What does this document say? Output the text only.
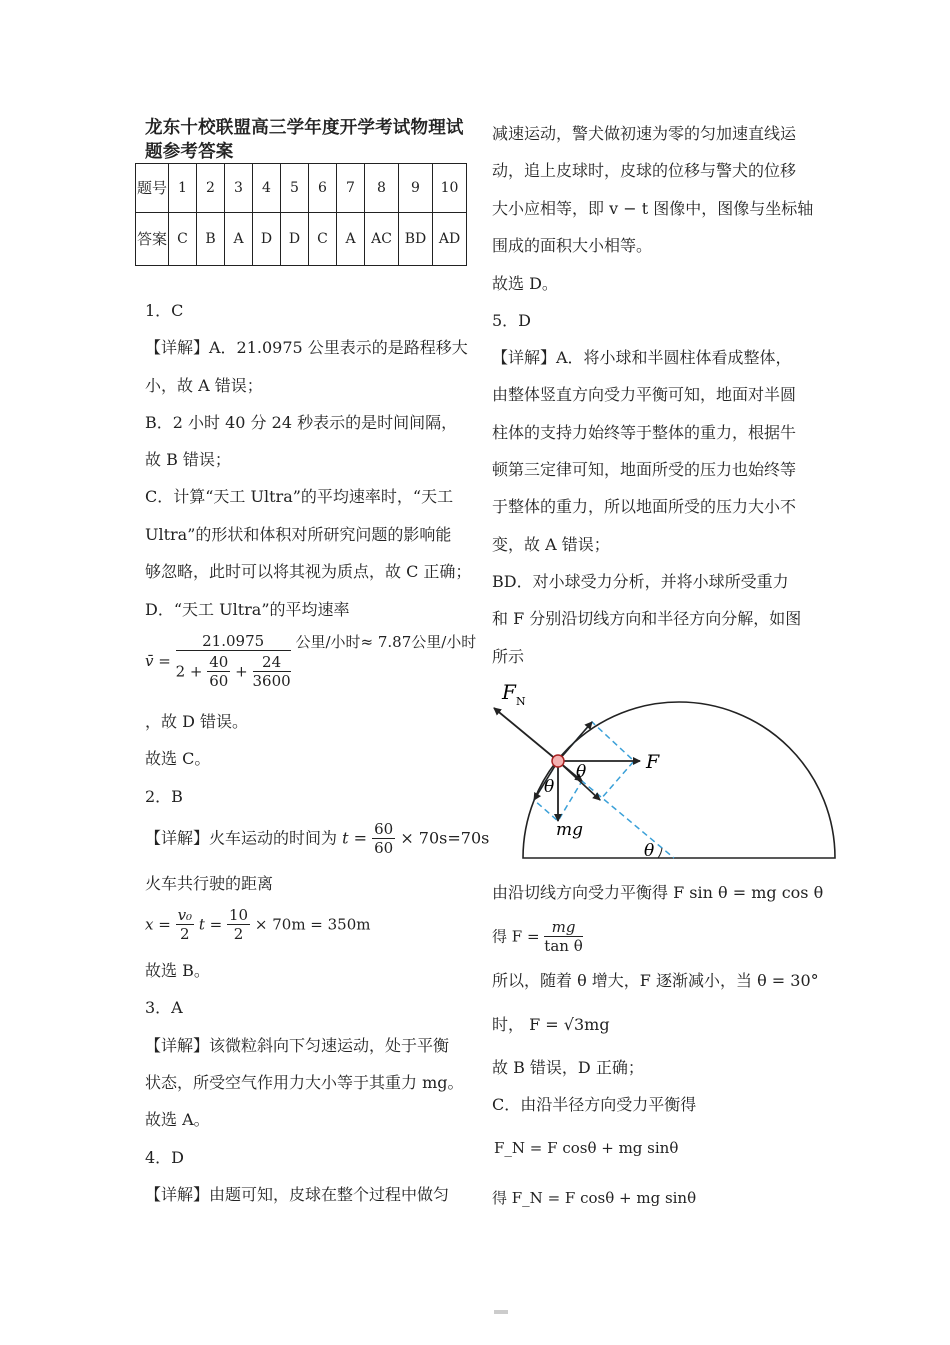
龙东十校联盟高三学年度开学考试物理试题参考答案
题号	1	2	3	4	5	6	7	8	9	10
答案	C	B	A	D	D	C	A	AC	BD	AD
1．C
【详解】A．21.0975 公里表示的是路程移大
小，故 A 错误；
B．2 小时 40 分 24 秒表示的是时间间隔，
故 B 错误；
C．计算“天工 Ultra”的平均速率时，“天工
Ultra”的形状和体积对所研究问题的影响能
够忽略，此时可以将其视为质点，故 C 正确；
D．“天工 Ultra”的平均速率
v̄ =
21.0975
$2 + \frac{40}{60} + \frac{24}{3600}$
公里/小时≈ 7.87公里/小时
，故 D 错误。
故选 C。
2．B
【详解】火车运动的时间为 $t = \frac{60}{60} \times 70s=70s$
火车共行驶的距离
$x = \frac{\text{v₀}}{2}$ $t = \frac{10}{2} \times 70m = 350m$
故选 B。
3．A
【详解】该微粒斜向下匀速运动，处于平衡
状态，所受空气作用力大小等于其重力 mg。
故选 A。
4．D
【详解】由题可知，皮球在整个过程中做匀
减速运动，警犬做初速为零的匀加速直线运
动，追上皮球时，皮球的位移与警犬的位移
大小应相等，即 v − t 图像中，图像与坐标轴
围成的面积大小相等。
故选 D。
5．D
【详解】A．将小球和半圆柱体看成整体，
由整体竖直方向受力平衡可知，地面对半圆
柱体的支持力始终等于整体的重力，根据牛
顿第三定律可知，地面所受的压力也始终等
于整体的重力，所以地面所受的压力大小不
变，故 A 错误；
BD．对小球受力分析，并将小球所受重力
和 F 分别沿切线方向和半径方向分解，如图
所示
F N
F
θ
θ
mg
θ
由沿切线方向受力平衡得 F sin θ = mg cos θ
得 $F = \frac{mg}{\text{tan θ}}$
所以，随着 θ 增大，F 逐渐减小，当 θ = 30°
时， F = √3mg
故 B 错误，D 正确；
C．由沿半径方向受力平衡得
F_N = F cosθ + mg sinθ
得 F_N = F cosθ + mg sinθ
